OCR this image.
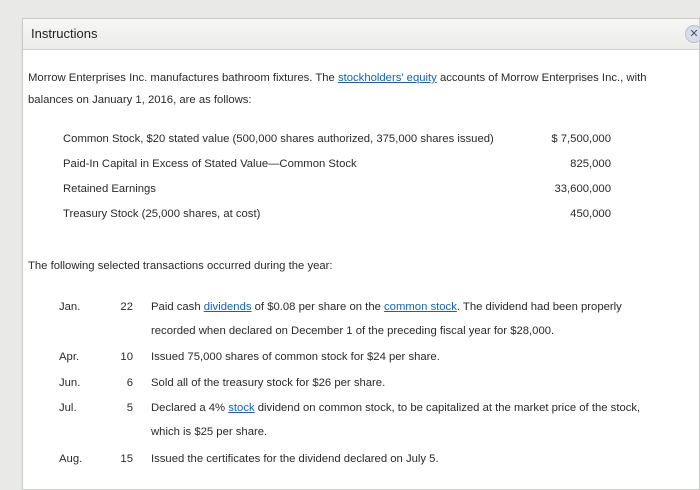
Instructions	✕
Morrow Enterprises Inc. manufactures bathroom fixtures. The stockholders' equity accounts of Morrow Enterprises Inc., with balances on January 1, 2016, are as follows:
Common Stock, $20 stated value (500,000 shares authorized, 375,000 shares issued)	$ 7,500,000
Paid-In Capital in Excess of Stated Value—Common Stock	825,000
Retained Earnings	33,600,000
Treasury Stock (25,000 shares, at cost)	450,000
The following selected transactions occurred during the year:
Jan.	22 Paid cash dividends of $0.08 per share on the common stock. The dividend had been properly recorded when declared on December 1 of the preceding fiscal year for $28,000.
Apr.	10 Issued 75,000 shares of common stock for $24 per share.
Jun.	6 Sold all of the treasury stock for $26 per share.
Jul.	5 Declared a 4% stock dividend on common stock, to be capitalized at the market price of the stock, which is $25 per share.
Aug.	15 Issued the certificates for the dividend declared on July 5.
